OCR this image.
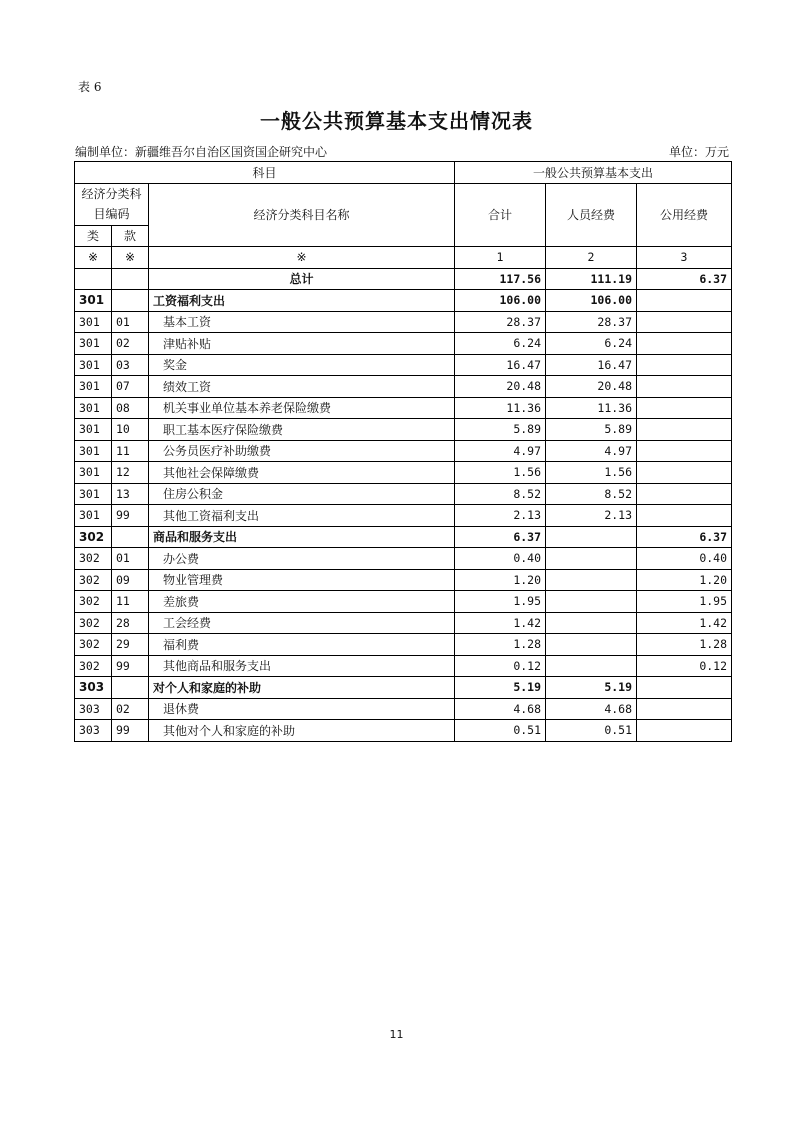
表 6
一般公共预算基本支出情况表
编制单位：新疆维吾尔自治区国资国企研究中心	单位：万元
科目			一般公共预算基本支出		
经济分类科
目编码		经济分类科目名称	合计	人员经费	公用经费
类	款				
※	※	※	1	2	3
		总计	117.56	111.19	6.37
301		工资福利支出	106.00	106.00	
301	01	基本工资	28.37	28.37	
301	02	津贴补贴	6.24	6.24	
301	03	奖金	16.47	16.47	
301	07	绩效工资	20.48	20.48	
301	08	机关事业单位基本养老保险缴费	11.36	11.36	
301	10	职工基本医疗保险缴费	5.89	5.89	
301	11	公务员医疗补助缴费	4.97	4.97	
301	12	其他社会保障缴费	1.56	1.56	
301	13	住房公积金	8.52	8.52	
301	99	其他工资福利支出	2.13	2.13	
302		商品和服务支出	6.37		6.37
302	01	办公费	0.40		0.40
302	09	物业管理费	1.20		1.20
302	11	差旅费	1.95		1.95
302	28	工会经费	1.42		1.42
302	29	福利费	1.28		1.28
302	99	其他商品和服务支出	0.12		0.12
303		对个人和家庭的补助	5.19	5.19	
303	02	退休费	4.68	4.68	
303	99	其他对个人和家庭的补助	0.51	0.51	
11
